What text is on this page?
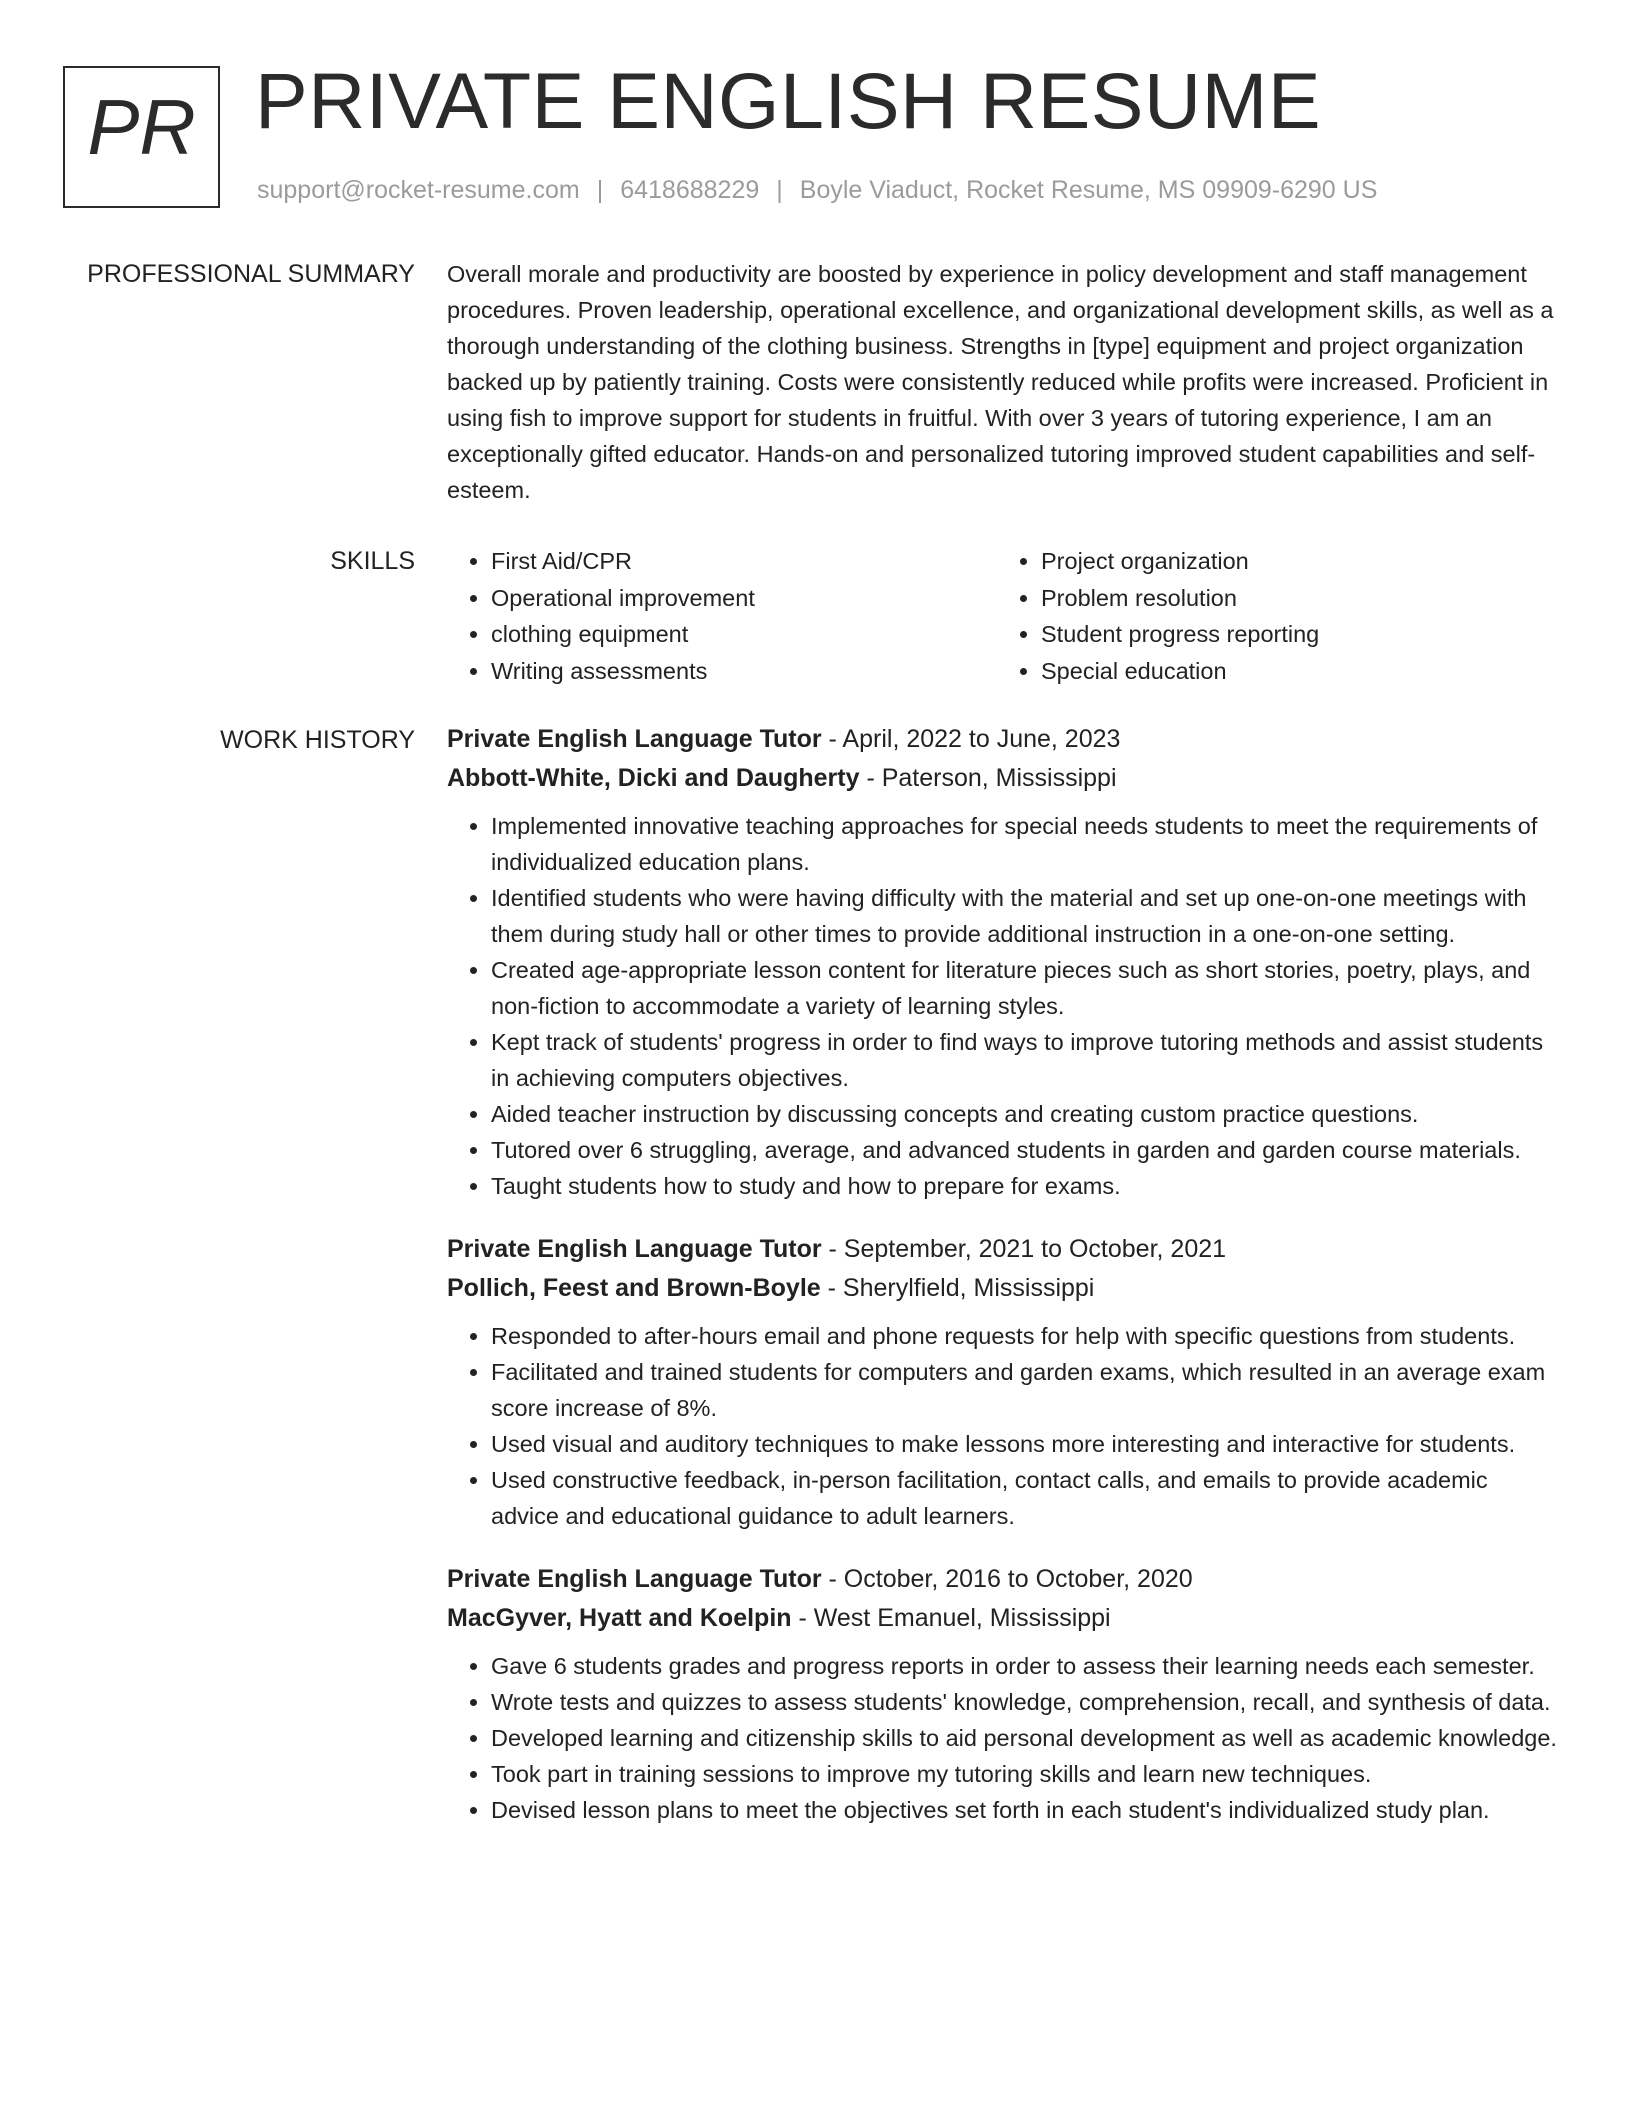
PR PRIVATE ENGLISH RESUME
support@rocket-resume.com | 6418688229 | Boyle Viaduct, Rocket Resume, MS 09909-6290 US
PROFESSIONAL SUMMARY Overall morale and productivity are boosted by experience in policy development and staff management procedures. Proven leadership, operational excellence, and organizational development skills, as well as a thorough understanding of the clothing business. Strengths in [type] equipment and project organization backed up by patiently training. Costs were consistently reduced while profits were increased. Proficient in using fish to improve support for students in fruitful. With over 3 years of tutoring experience, I am an exceptionally gifted educator. Hands-on and personalized tutoring improved student capabilities and self-esteem.

SKILLS
•	First Aid/CPR
• Operational improvement
• clothing equipment
• Writing assessments
• Project organization
• Problem resolution
• Student progress reporting
• Special education
WORK HISTORY Private English Language Tutor - April, 2022 to June, 2023
Abbott-White, Dicki and Daugherty - Paterson, Mississippi
• Implemented innovative teaching approaches for special needs students to meet the requirements of individualized education plans.
• Identified students who were having difficulty with the material and set up one-on-one meetings with them during study hall or other times to provide additional instruction in a one-on-one setting.
• Created age-appropriate lesson content for literature pieces such as short stories, poetry, plays, and non-fiction to accommodate a variety of learning styles.
• Kept track of students' progress in order to find ways to improve tutoring methods and assist students in achieving computers objectives.
• Aided teacher instruction by discussing concepts and creating custom practice questions.
• Tutored over 6 struggling, average, and advanced students in garden and garden course materials.
• Taught students how to study and how to prepare for exams.
Private English Language Tutor - September, 2021 to October, 2021
Pollich, Feest and Brown-Boyle - Sherylfield, Mississippi
• Responded to after-hours email and phone requests for help with specific questions from students.
• Facilitated and trained students for computers and garden exams, which resulted in an average exam score increase of 8%.
• Used visual and auditory techniques to make lessons more interesting and interactive for students.
• Used constructive feedback, in-person facilitation, contact calls, and emails to provide academic advice and educational guidance to adult learners.
Private English Language Tutor - October, 2016 to October, 2020
MacGyver, Hyatt and Koelpin - West Emanuel, Mississippi
• Gave 6 students grades and progress reports in order to assess their learning needs each semester.
• Wrote tests and quizzes to assess students' knowledge, comprehension, recall, and synthesis of data.
• Developed learning and citizenship skills to aid personal development as well as academic knowledge.
• Took part in training sessions to improve my tutoring skills and learn new techniques.
• Devised lesson plans to meet the objectives set forth in each student's individualized study plan.
